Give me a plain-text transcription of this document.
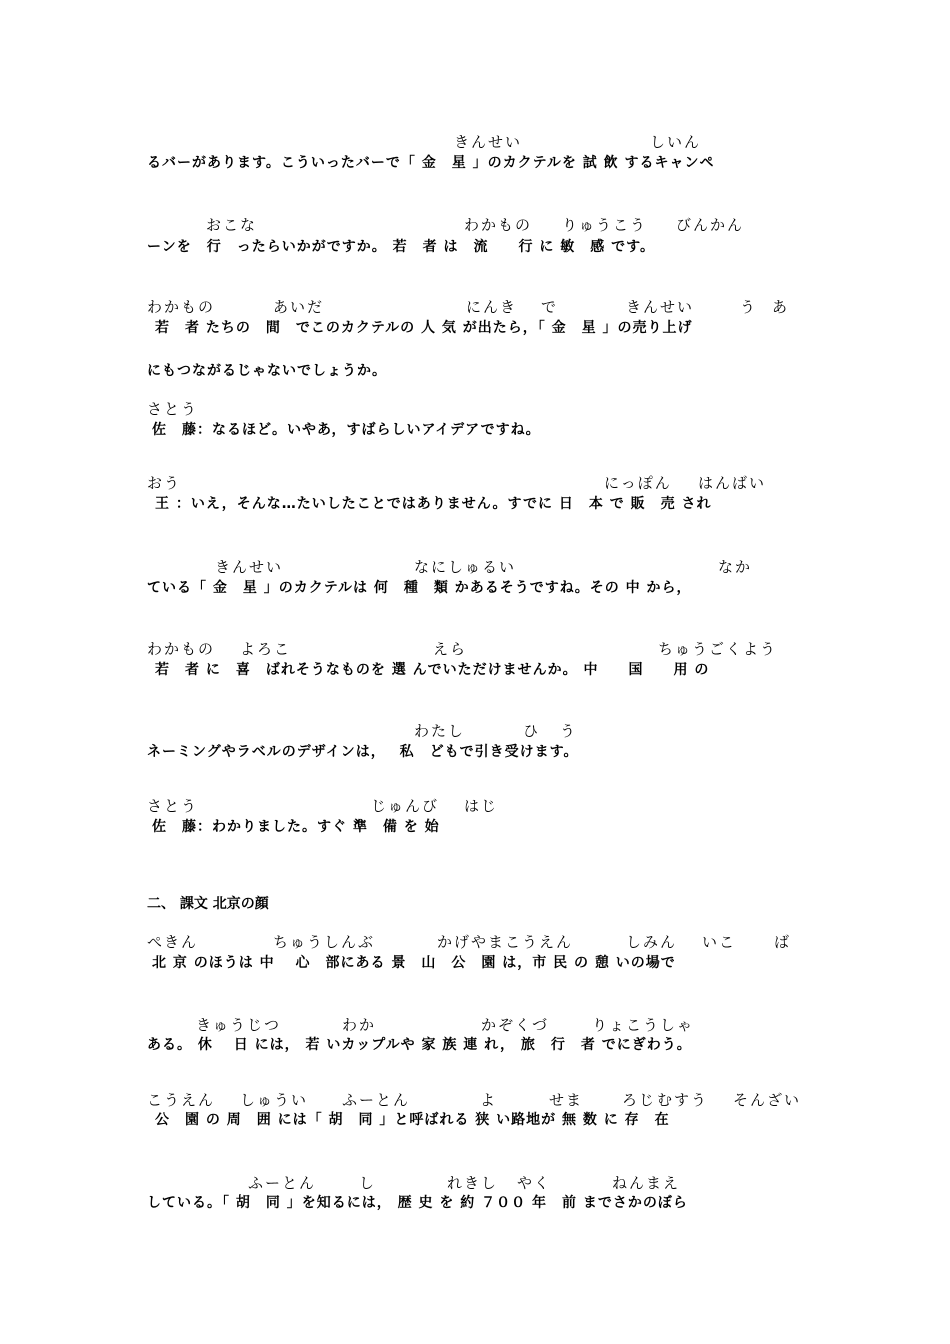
きんせい

	しいん

るバーがあります。こういったバーで「 金　星 」のカクテルを 試 飲 するキャンペ

おこな

	わかもの

りゅうこう

びんかん

ーンを　行　ったらいかがですか。 若　者 は　流　　行 に 敏　感 です。

わかもの

	あいだ

	にんき

で

	きんせい

	う

あ

若　者 たちの　間　でこのカクテルの 人 気 が出たら，「 金　星 」の売り上げ

にもつながるじゃないでしょうか。

さとう

佐　藤：なるほど。いやあ，すばらしいアイデアですね。

おう

	にっぽん

はんばい

王 ：いえ，そんな…たいしたことではありません。すでに 日　本 で 販　売 され

きんせい

	なにしゅるい

	なか

ている「 金　星 」のカクテルは 何　種　類 かあるそうですね。その 中 から，

わかもの

よろこ

	えら

	ちゅうごくよう

若　者 に　喜　ばれそうなものを 選 んでいただけませんか。 中　　国　　用 の

わたし

	ひ

う

ネーミングやラベルのデザインは，　 私　どもで引き受けます。

さとう

	じゅんび

はじ

佐　藤：わかりました。すぐ 準　備 を 始

二、 課文 北京の顔

ぺきん

	ちゅうしんぶ

	かげやまこうえん

	しみん

いこ

	ば

北 京 のほうは 中　 心　部にある 景　山　公　園 は，市 民 の 憩 いの場で

きゅうじつ

	わか

	かぞくづ

	りょこうしゃ

ある。 休　 日 には， 若 いカップルや 家 族 連 れ， 旅　行　者 でにぎわう。

こうえん

しゅうい

ふーとん

	よ

	せま

	ろじ

むすう

そんざい

公　園 の 周　囲 には「 胡　同 」と呼ばれる 狭 い路地が 無 数 に 存　在

ふーとん

	し

	れきし

やく

	ねんまえ

している。「 胡　同 」を知るには， 歴 史 を 約 ７００ 年　前 までさかのぼら
